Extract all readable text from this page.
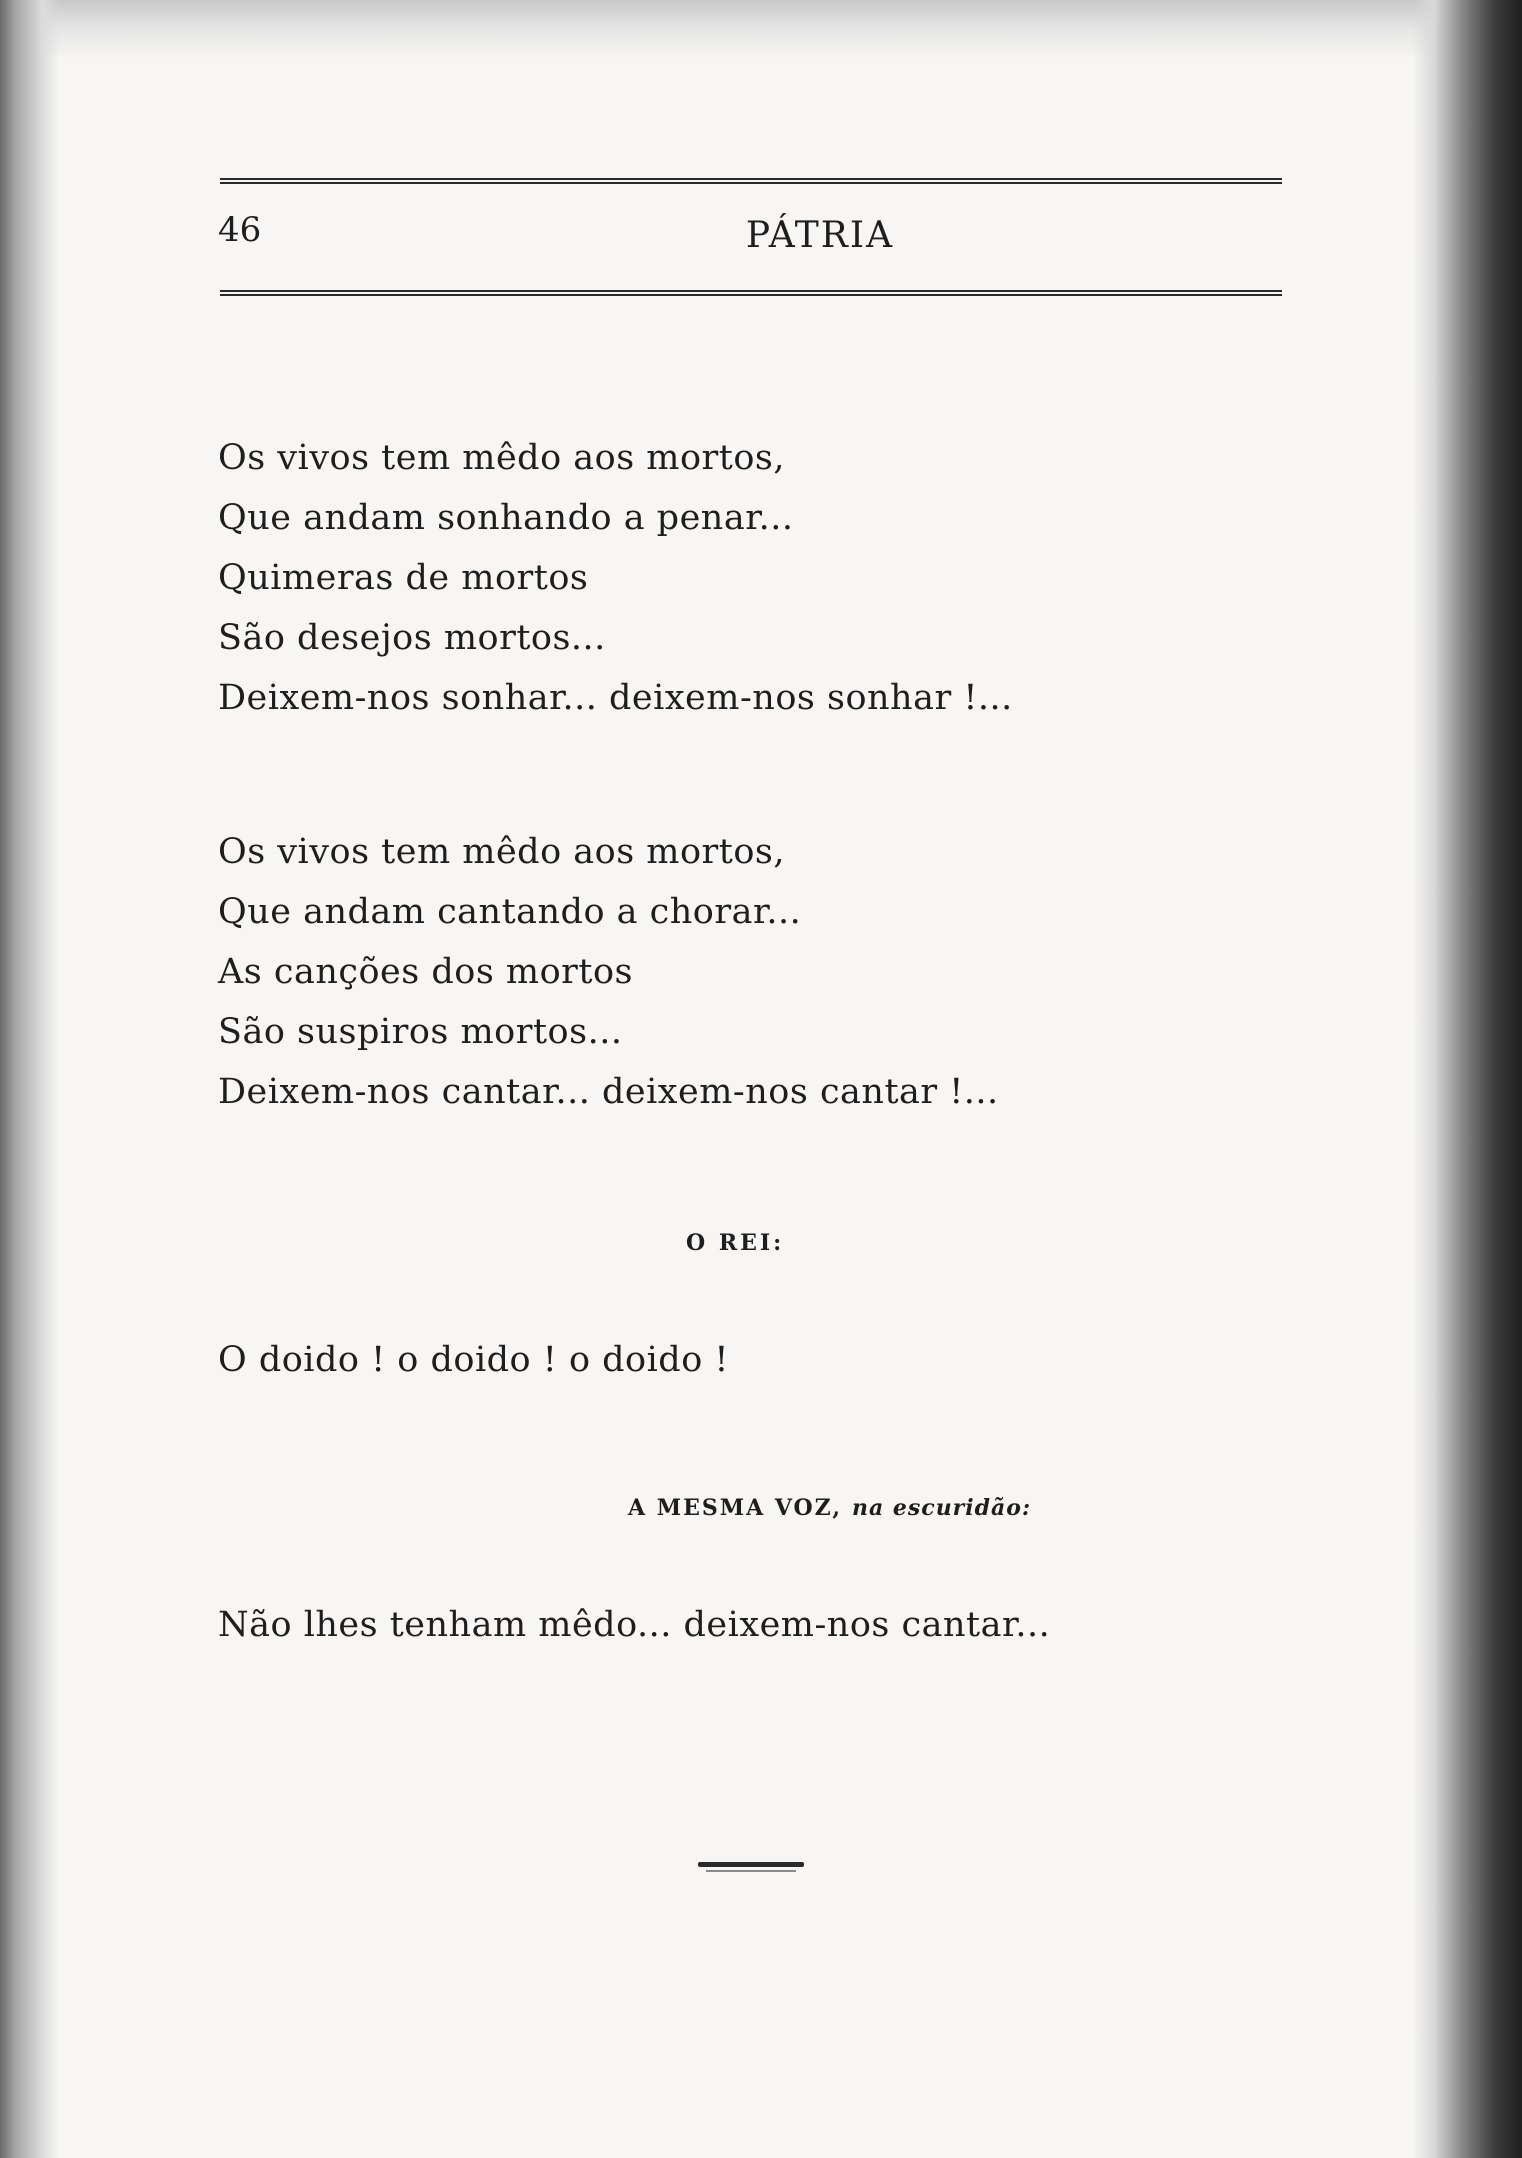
46	PÁTRIA
Os vivos tem mêdo aos mortos,
Que andam sonhando a penar...
Quimeras de mortos
São desejos mortos...
Deixem-nos sonhar... deixem-nos sonhar !...
Os vivos tem mêdo aos mortos,
Que andam cantando a chorar...
As canções dos mortos
São suspiros mortos...
Deixem-nos cantar... deixem-nos cantar !...

O REI:

O doido ! o doido ! o doido !

A MESMA VOZ, na escuridão:

Não lhes tenham mêdo... deixem-nos cantar...
